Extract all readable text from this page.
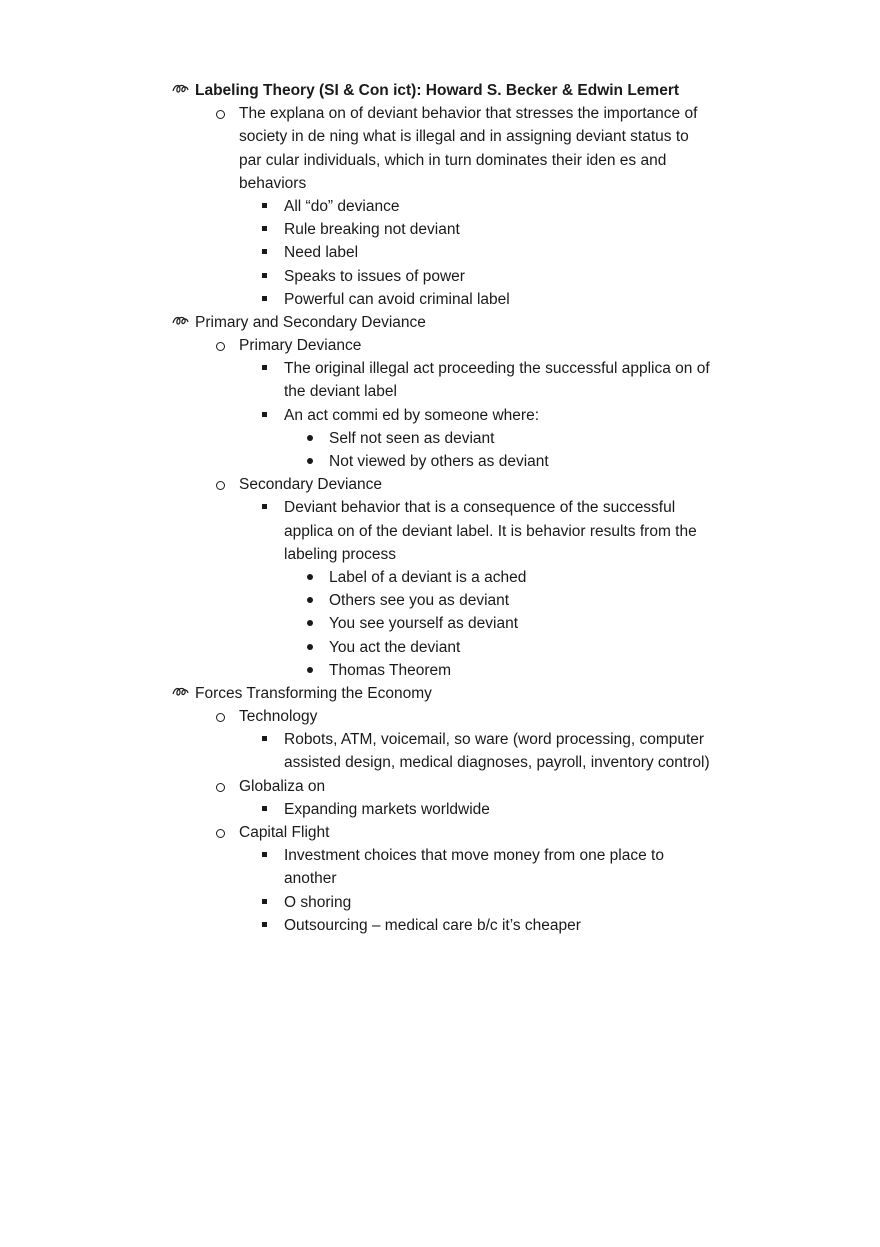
Labeling Theory (SI & Con ict): Howard S. Becker & Edwin Lemert
The explana on of deviant behavior that stresses the importance of
society in de ning what is illegal and in assigning deviant status to
par cular individuals, which in turn dominates their iden es and
behaviors
All “do” deviance
Rule breaking not deviant
Need label
Speaks to issues of power
Powerful can avoid criminal label
Primary and Secondary Deviance
Primary Deviance
The original illegal act proceeding the successful applica on of
the deviant label
An act commi ed by someone where:
Self not seen as deviant
Not viewed by others as deviant
Secondary Deviance
Deviant behavior that is a consequence of the successful
applica on of the deviant label. It is behavior results from the
labeling process
Label of a deviant is a ached
Others see you as deviant
You see yourself as deviant
You act the deviant
Thomas Theorem
Forces Transforming the Economy
Technology
Robots, ATM, voicemail, so ware (word processing, computer
assisted design, medical diagnoses, payroll, inventory control)
Globaliza on
Expanding markets worldwide
Capital Flight
Investment choices that move money from one place to
another
O shoring
Outsourcing – medical care b/c it’s cheaper
